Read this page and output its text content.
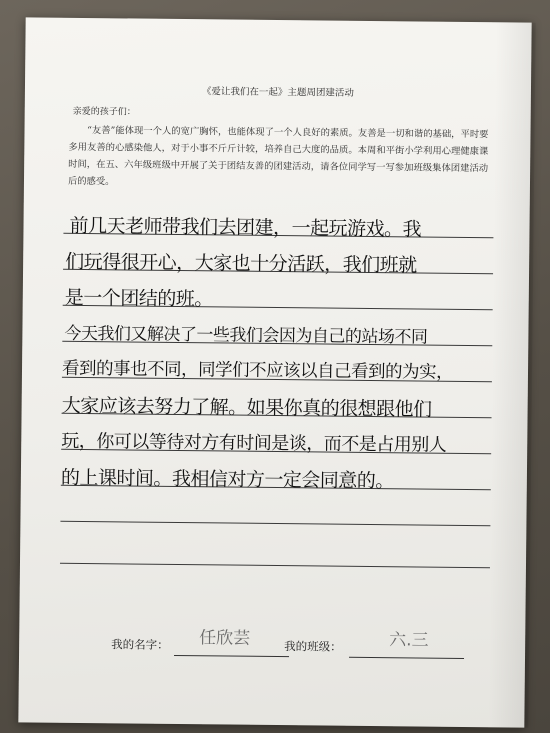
《爱让我们在一起》主题周团建活动
亲爱的孩子们：
“友善”能体现一个人的宽广胸怀，也能体现了一个人良好的素质。友善是一切和谐的基础，平时要多用友善的心感染他人，对于小事不斤斤计较，培养自己大度的品质。本周和平街小学利用心理健康课时间，在五、六年级班级中开展了关于团结友善的团建活动，请各位同学写一写参加班级集体团建活动后的感受。
前几天老师带我们去团建，一起玩游戏。我
们玩得很开心，大家也十分活跃，我们班就
是一个团结的班。
今天我们又解决了一些我们会因为自己的站场不同
看到的事也不同，同学们不应该以自己看到的为实，
大家应该去努力了解。如果你真的很想跟他们
玩，你可以等待对方有时间是谈，而不是占用别人
的上课时间。我相信对方一定会同意的。
我的名字： 任欣芸	我的班级：	六.三
